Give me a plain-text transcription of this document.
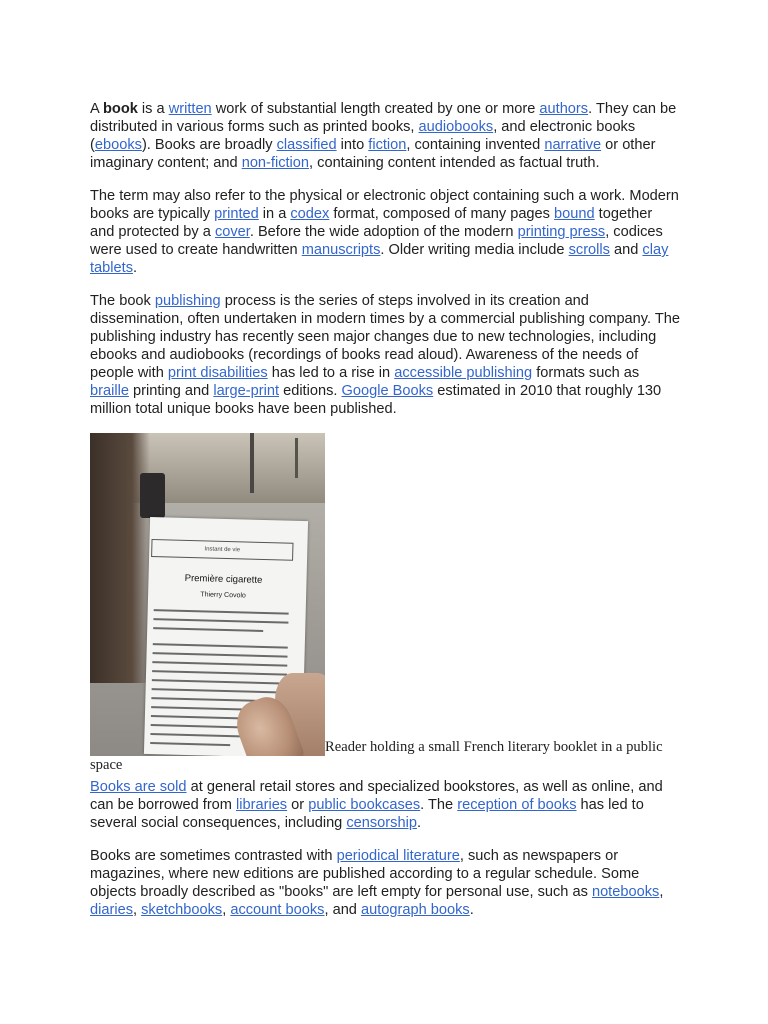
A book is a written work of substantial length created by one or more authors. They can be distributed in various forms such as printed books, audiobooks, and electronic books (ebooks). Books are broadly classified into fiction, containing invented narrative or other imaginary content; and non-fiction, containing content intended as factual truth.

The term may also refer to the physical or electronic object containing such a work. Modern books are typically printed in a codex format, composed of many pages bound together and protected by a cover. Before the wide adoption of the modern printing press, codices were used to create handwritten manuscripts. Older writing media include scrolls and clay tablets.

The book publishing process is the series of steps involved in its creation and dissemination, often undertaken in modern times by a commercial publishing company. The publishing industry has recently seen major changes due to new technologies, including ebooks and audiobooks (recordings of books read aloud). Awareness of the needs of people with print disabilities has led to a rise in accessible publishing formats such as braille printing and large-print editions. Google Books estimated in 2010 that roughly 130 million total unique books have been published.

Instant de vie
Première cigarette
Thierry Covolo
Reader holding a small French literary booklet in a public space

Books are sold at general retail stores and specialized bookstores, as well as online, and can be borrowed from libraries or public bookcases. The reception of books has led to several social consequences, including censorship.

Books are sometimes contrasted with periodical literature, such as newspapers or magazines, where new editions are published according to a regular schedule. Some objects broadly described as "books" are left empty for personal use, such as notebooks, diaries, sketchbooks, account books, and autograph books.
